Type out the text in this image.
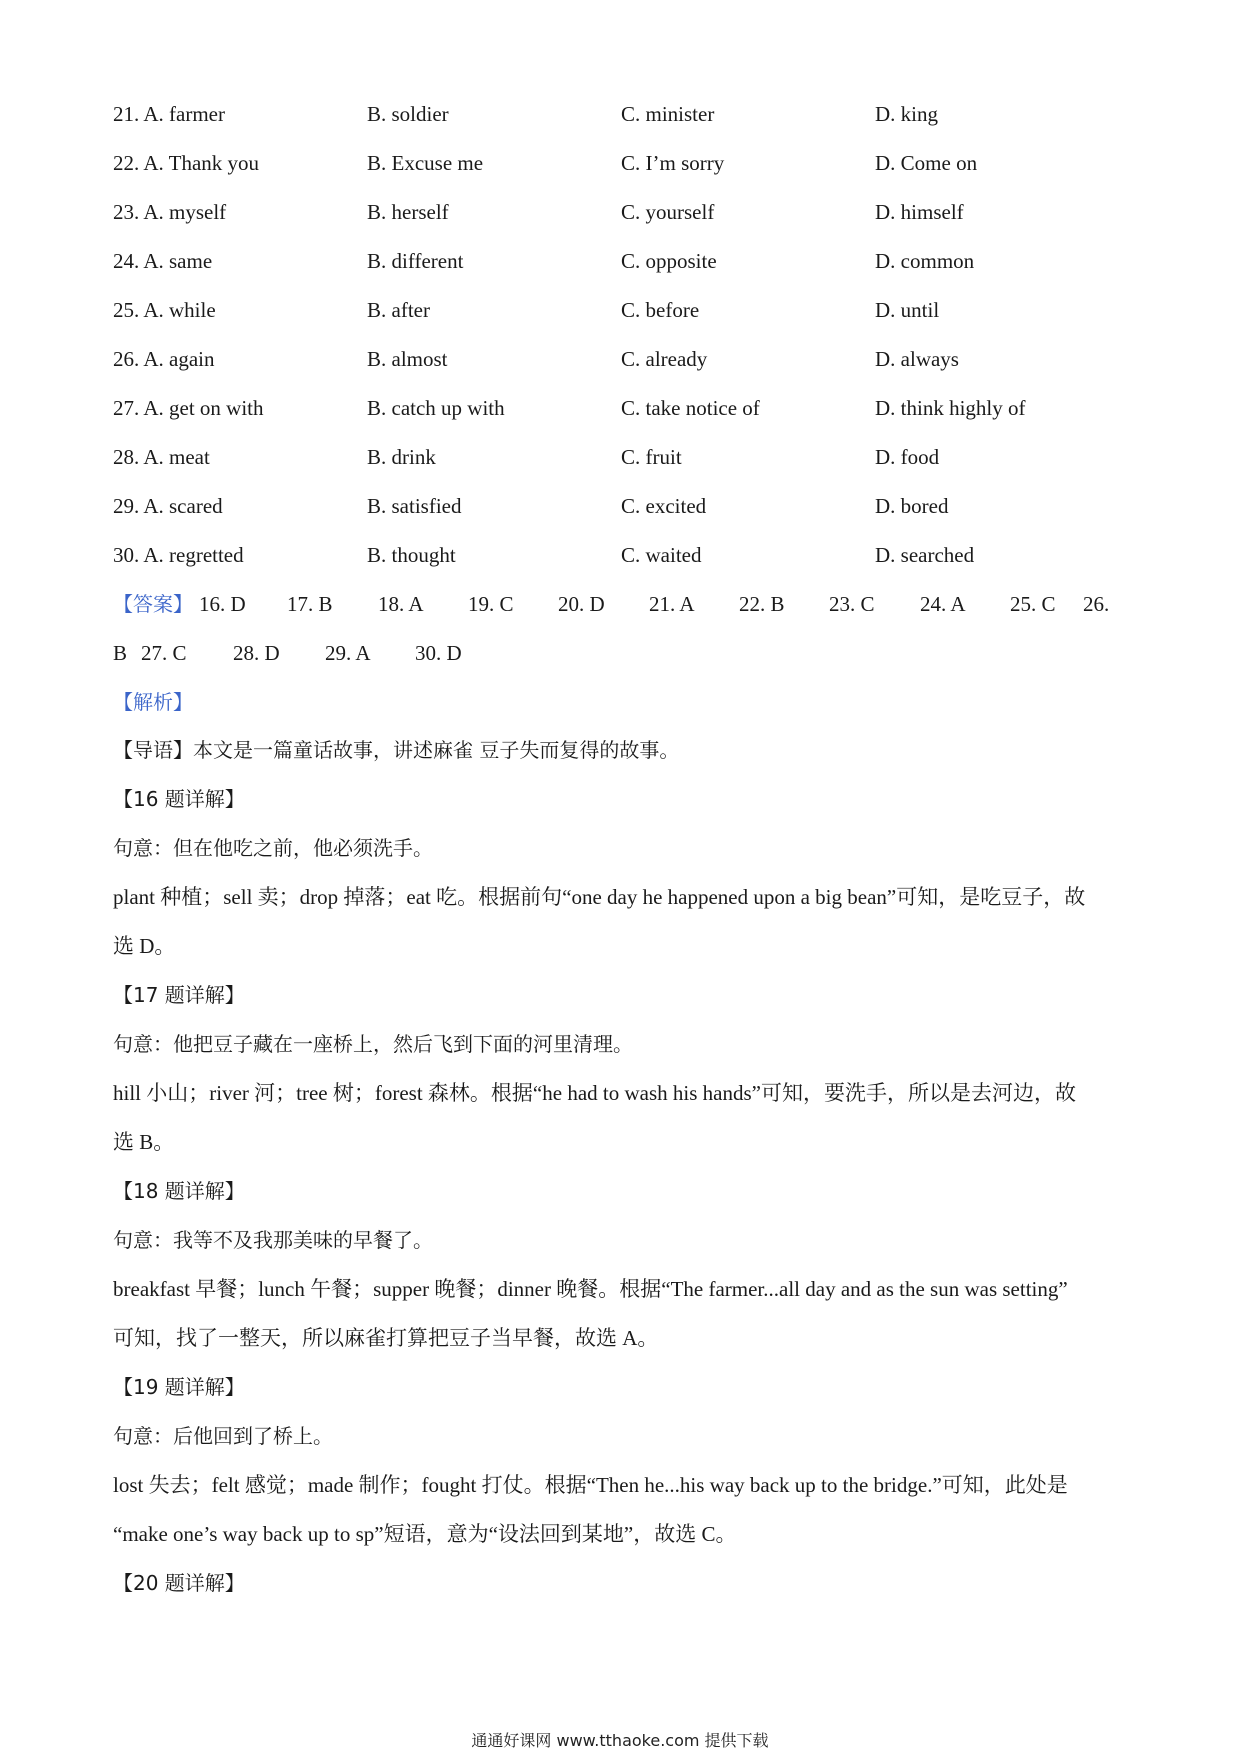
21. A. farmer	B. soldier	C. minister	D. king
22. A. Thank you	B. Excuse me	C. I’m sorry	D. Come on
23. A. myself	B. herself	C. yourself	D. himself
24. A. same	B. different	C. opposite	D. common
25. A. while	B. after	C. before	D. until
26. A. again	B. almost	C. already	D. always
27. A. get on with	B. catch up with	C. take notice of	D. think highly of
28. A. meat	B. drink	C. fruit	D. food
29. A. scared	B. satisfied	C. excited	D. bored
30. A. regretted	B. thought	C. waited	D. searched
【答案】 16. D	17. B	18. A	19. C	20. D	21. A	22. B	23. C	24. A	25. C	26.
B 27. C	28. D	29. A	30. D
【解析】
【导语】本文是一篇童话故事，讲述麻雀 豆子失而复得的故事。
【16 题详解】
句意：但在他吃之前，他必须洗手。
plant 种植；sell 卖；drop 掉落；eat 吃。根据前句“one day he happened upon a big bean”可知，是吃豆子，故
选 D。
【17 题详解】
句意：他把豆子藏在一座桥上，然后飞到下面的河里清理。
hill 小山；river 河；tree 树；forest 森林。根据“he had to wash his hands”可知，要洗手，所以是去河边，故
选 B。
【18 题详解】
句意：我等不及我那美味的早餐了。
breakfast 早餐；lunch 午餐；supper 晚餐；dinner 晚餐。根据“The farmer...all day and as the sun was setting”
可知，找了一整天，所以麻雀打算把豆子当早餐，故选 A。
【19 题详解】
句意：后他回到了桥上。
lost 失去；felt 感觉；made 制作；fought 打仗。根据“Then he...his way back up to the bridge.”可知，此处是
“make one’s way back up to sp”短语，意为“设法回到某地”，故选 C。
【20 题详解】
通通好课网 www.tthaoke.com 提供下载
